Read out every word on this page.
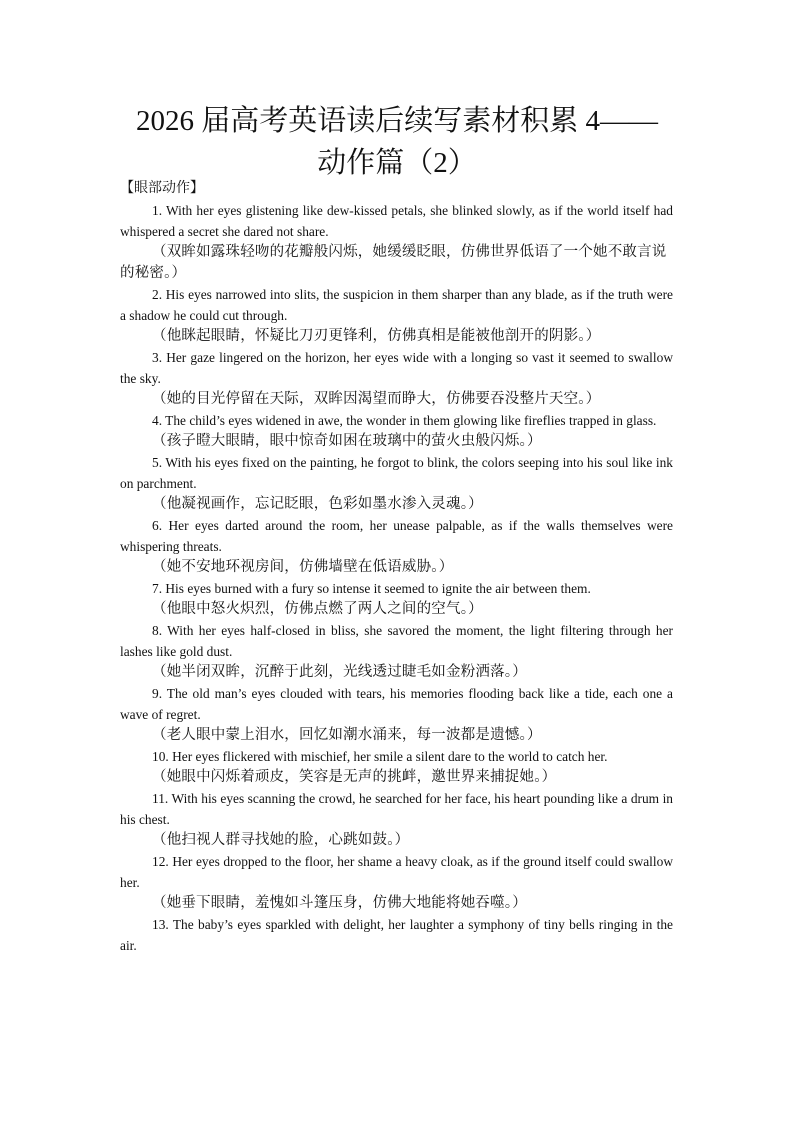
2026 届高考英语读后续写素材积累 4——
动作篇（2）
【眼部动作】

1. With her eyes glistening like dew-kissed petals, she blinked slowly, as if the world itself had whispered a secret she dared not share.

（双眸如露珠轻吻的花瓣般闪烁，她缓缓眨眼，仿佛世界低语了一个她不敢言说的秘密。）

2. His eyes narrowed into slits, the suspicion in them sharper than any blade, as if the truth were a shadow he could cut through.

（他眯起眼睛，怀疑比刀刃更锋利，仿佛真相是能被他剖开的阴影。）

3. Her gaze lingered on the horizon, her eyes wide with a longing so vast it seemed to swallow the sky.

（她的目光停留在天际，双眸因渴望而睁大，仿佛要吞没整片天空。）

4. The child’s eyes widened in awe, the wonder in them glowing like fireflies trapped in glass.

（孩子瞪大眼睛，眼中惊奇如困在玻璃中的萤火虫般闪烁。）

5. With his eyes fixed on the painting, he forgot to blink, the colors seeping into his soul like ink on parchment.

（他凝视画作，忘记眨眼，色彩如墨水渗入灵魂。）

6. Her eyes darted around the room, her unease palpable, as if the walls themselves were whispering threats.

（她不安地环视房间，仿佛墙壁在低语威胁。）

7. His eyes burned with a fury so intense it seemed to ignite the air between them.

（他眼中怒火炽烈，仿佛点燃了两人之间的空气。）

8. With her eyes half-closed in bliss, she savored the moment, the light filtering through her lashes like gold dust.

（她半闭双眸，沉醉于此刻，光线透过睫毛如金粉洒落。）

9. The old man’s eyes clouded with tears, his memories flooding back like a tide, each one a wave of regret.

（老人眼中蒙上泪水，回忆如潮水涌来，每一波都是遗憾。）

10. Her eyes flickered with mischief, her smile a silent dare to the world to catch her.

（她眼中闪烁着顽皮，笑容是无声的挑衅，邀世界来捕捉她。）

11. With his eyes scanning the crowd, he searched for her face, his heart pounding like a drum in his chest.

（他扫视人群寻找她的脸，心跳如鼓。）

12. Her eyes dropped to the floor, her shame a heavy cloak, as if the ground itself could swallow her.

（她垂下眼睛，羞愧如斗篷压身，仿佛大地能将她吞噬。）

13. The baby’s eyes sparkled with delight, her laughter a symphony of tiny bells ringing in the air.
